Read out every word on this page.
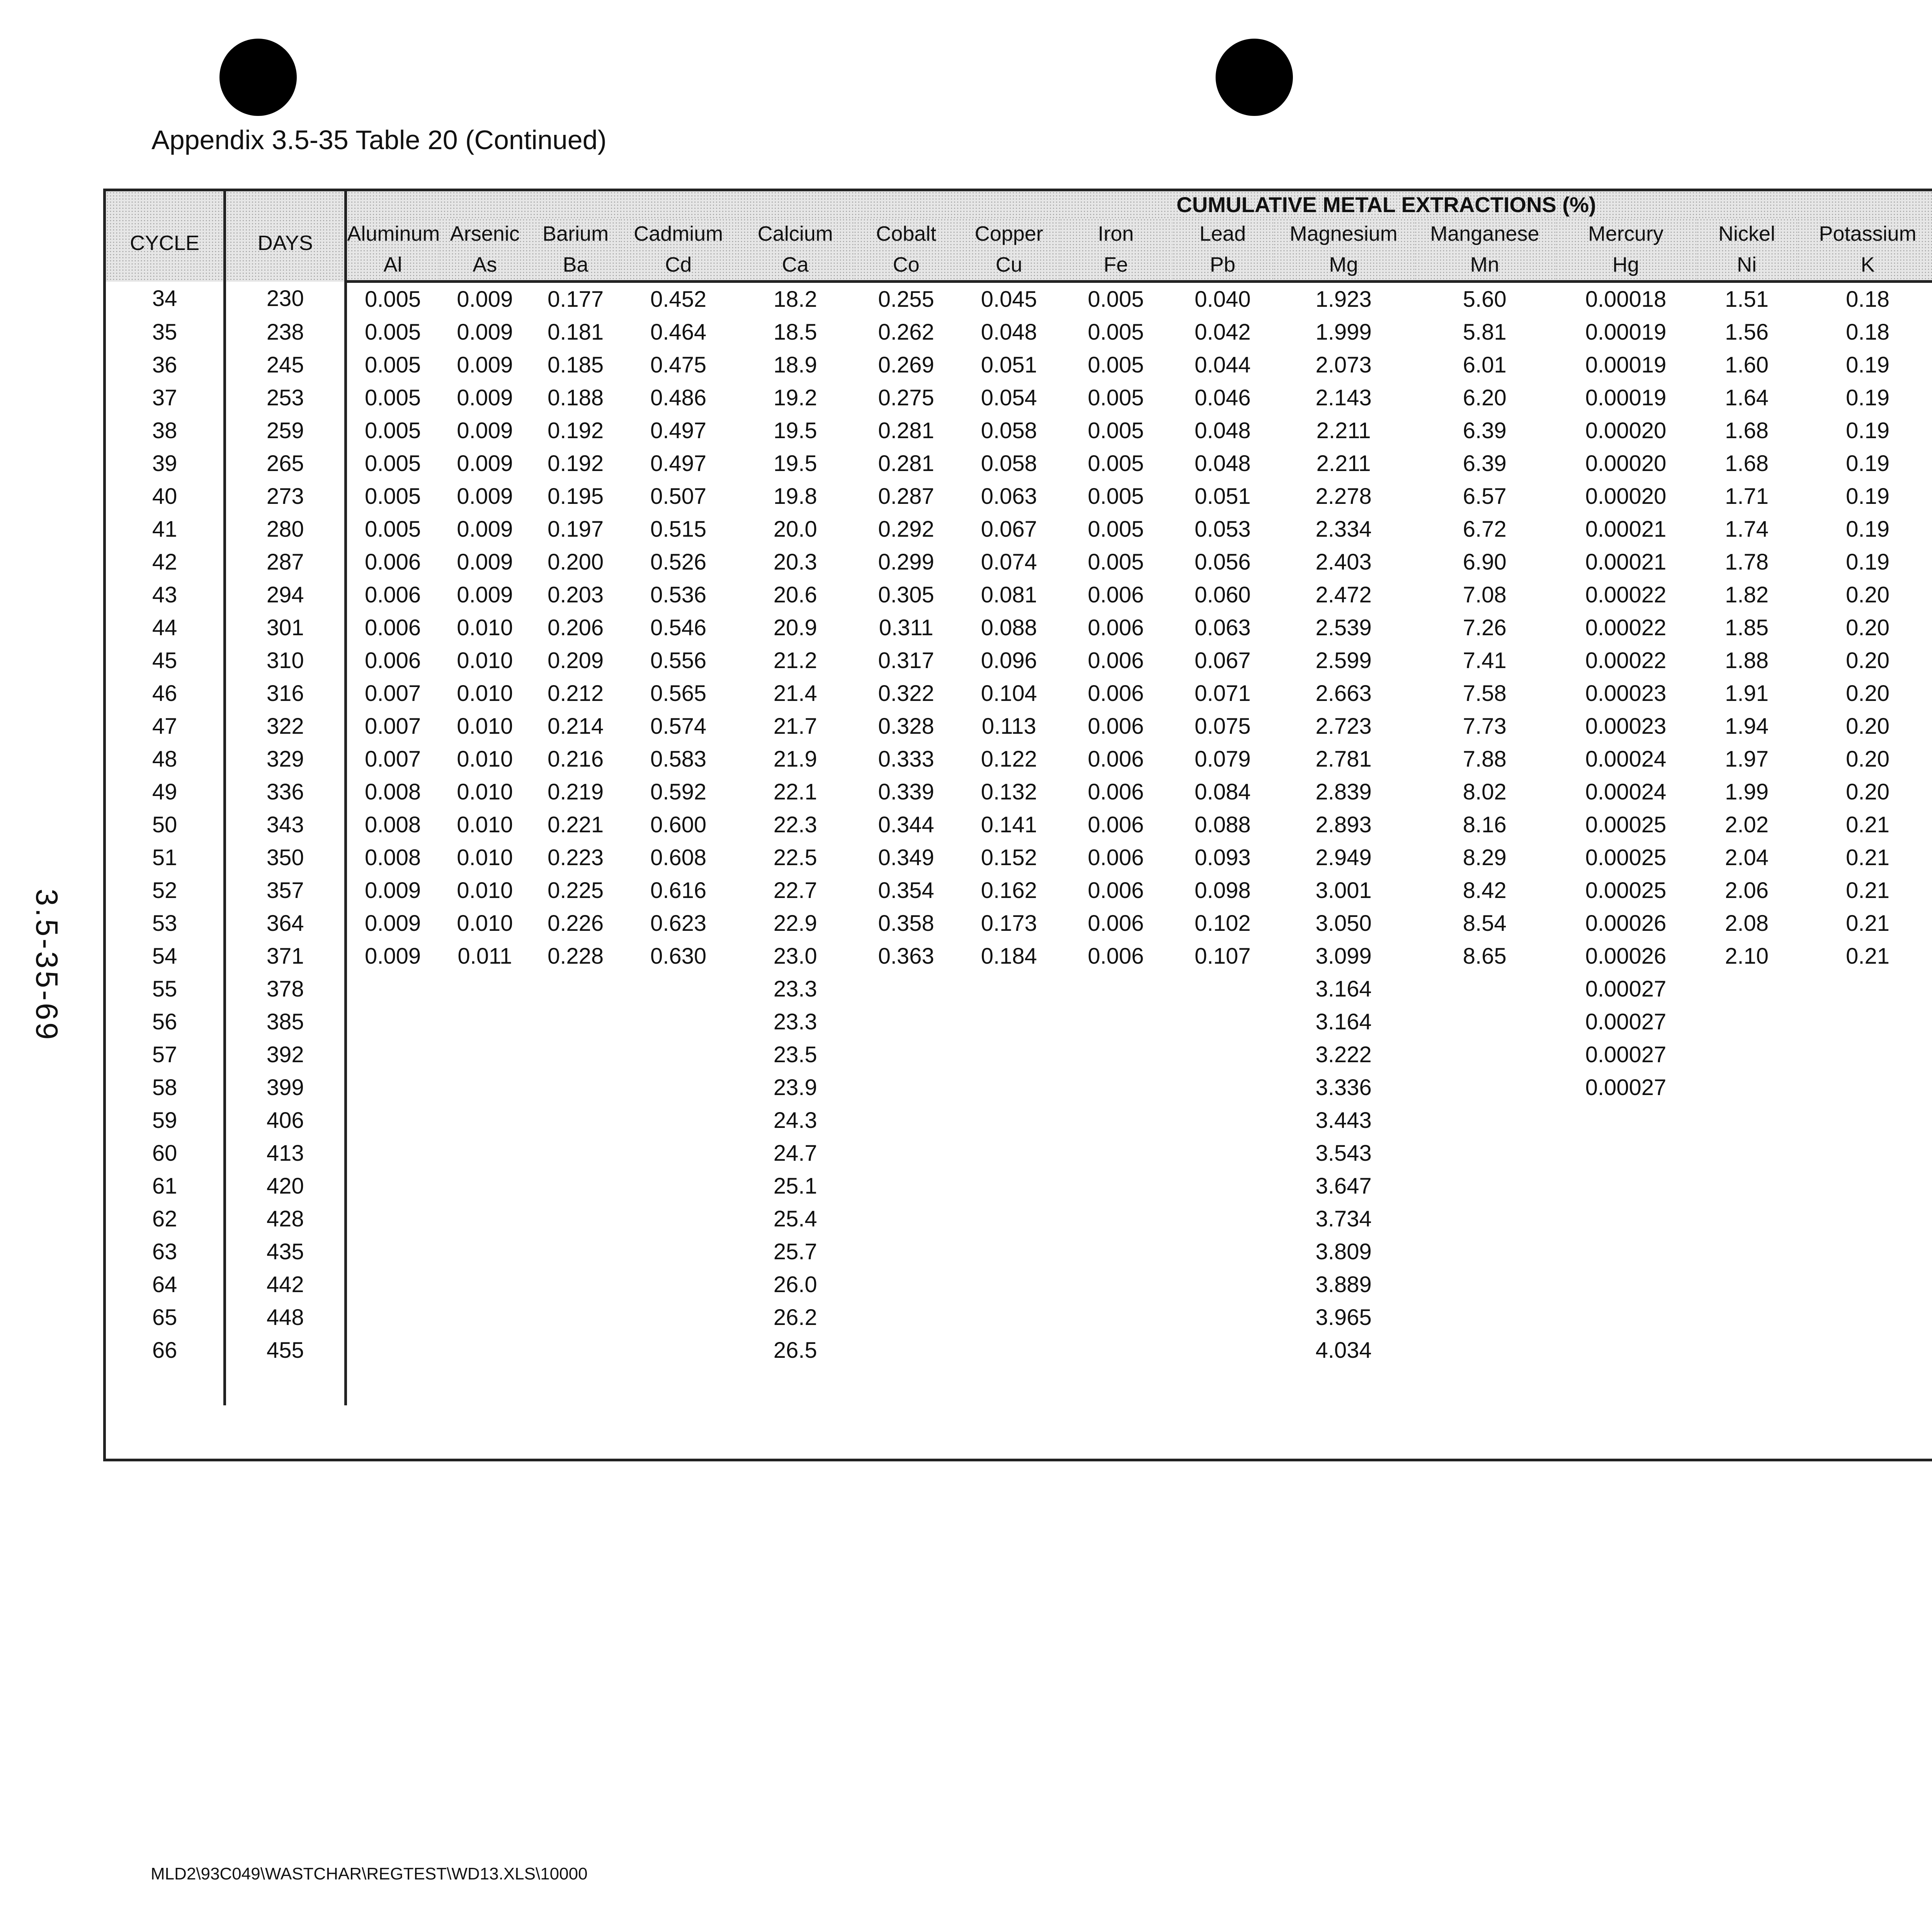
Appendix 3.5-35 Table 20 (Continued)
3.5-35-69
CYCLE	DAYS	CUMULATIVE METAL EXTRACTIONS (%)																	
		Aluminum	Arsenic	Barium	Cadmium	Calcium	Cobalt	Copper	Iron	Lead	Magnesium	Manganese	Mercury	Nickel	Potassium				
		Al	As	Ba	Cd	Ca	Co	Cu	Fe	Pb	Mg	Mn	Hg	Ni	K				
34	230	0.005	0.009	0.177	0.452	18.2	0.255	0.045	0.005	0.040	1.923	5.60	0.00018	1.51	0.18				
35	238	0.005	0.009	0.181	0.464	18.5	0.262	0.048	0.005	0.042	1.999	5.81	0.00019	1.56	0.18				
36	245	0.005	0.009	0.185	0.475	18.9	0.269	0.051	0.005	0.044	2.073	6.01	0.00019	1.60	0.19				
37	253	0.005	0.009	0.188	0.486	19.2	0.275	0.054	0.005	0.046	2.143	6.20	0.00019	1.64	0.19				
38	259	0.005	0.009	0.192	0.497	19.5	0.281	0.058	0.005	0.048	2.211	6.39	0.00020	1.68	0.19				
39	265	0.005	0.009	0.192	0.497	19.5	0.281	0.058	0.005	0.048	2.211	6.39	0.00020	1.68	0.19				
40	273	0.005	0.009	0.195	0.507	19.8	0.287	0.063	0.005	0.051	2.278	6.57	0.00020	1.71	0.19				
41	280	0.005	0.009	0.197	0.515	20.0	0.292	0.067	0.005	0.053	2.334	6.72	0.00021	1.74	0.19				
42	287	0.006	0.009	0.200	0.526	20.3	0.299	0.074	0.005	0.056	2.403	6.90	0.00021	1.78	0.19				
43	294	0.006	0.009	0.203	0.536	20.6	0.305	0.081	0.006	0.060	2.472	7.08	0.00022	1.82	0.20				
44	301	0.006	0.010	0.206	0.546	20.9	0.311	0.088	0.006	0.063	2.539	7.26	0.00022	1.85	0.20				
45	310	0.006	0.010	0.209	0.556	21.2	0.317	0.096	0.006	0.067	2.599	7.41	0.00022	1.88	0.20				
46	316	0.007	0.010	0.212	0.565	21.4	0.322	0.104	0.006	0.071	2.663	7.58	0.00023	1.91	0.20				
47	322	0.007	0.010	0.214	0.574	21.7	0.328	0.113	0.006	0.075	2.723	7.73	0.00023	1.94	0.20				
48	329	0.007	0.010	0.216	0.583	21.9	0.333	0.122	0.006	0.079	2.781	7.88	0.00024	1.97	0.20				
49	336	0.008	0.010	0.219	0.592	22.1	0.339	0.132	0.006	0.084	2.839	8.02	0.00024	1.99	0.20				
50	343	0.008	0.010	0.221	0.600	22.3	0.344	0.141	0.006	0.088	2.893	8.16	0.00025	2.02	0.21				
51	350	0.008	0.010	0.223	0.608	22.5	0.349	0.152	0.006	0.093	2.949	8.29	0.00025	2.04	0.21				
52	357	0.009	0.010	0.225	0.616	22.7	0.354	0.162	0.006	0.098	3.001	8.42	0.00025	2.06	0.21				
53	364	0.009	0.010	0.226	0.623	22.9	0.358	0.173	0.006	0.102	3.050	8.54	0.00026	2.08	0.21				
54	371	0.009	0.011	0.228	0.630	23.0	0.363	0.184	0.006	0.107	3.099	8.65	0.00026	2.10	0.21				
55	378					23.3					3.164		0.00027						
56	385					23.3					3.164		0.00027						
57	392					23.5					3.222		0.00027						
58	399					23.9					3.336		0.00027						
59	406					24.3					3.443								
60	413					24.7					3.543								
61	420					25.1					3.647								
62	428					25.4					3.734								
63	435					25.7					3.809								
64	442					26.0					3.889								
65	448					26.2					3.965								
66	455					26.5					4.034								

MLD2\93C049\WASTCHAR\REGTEST\WD13.XLS\10000
